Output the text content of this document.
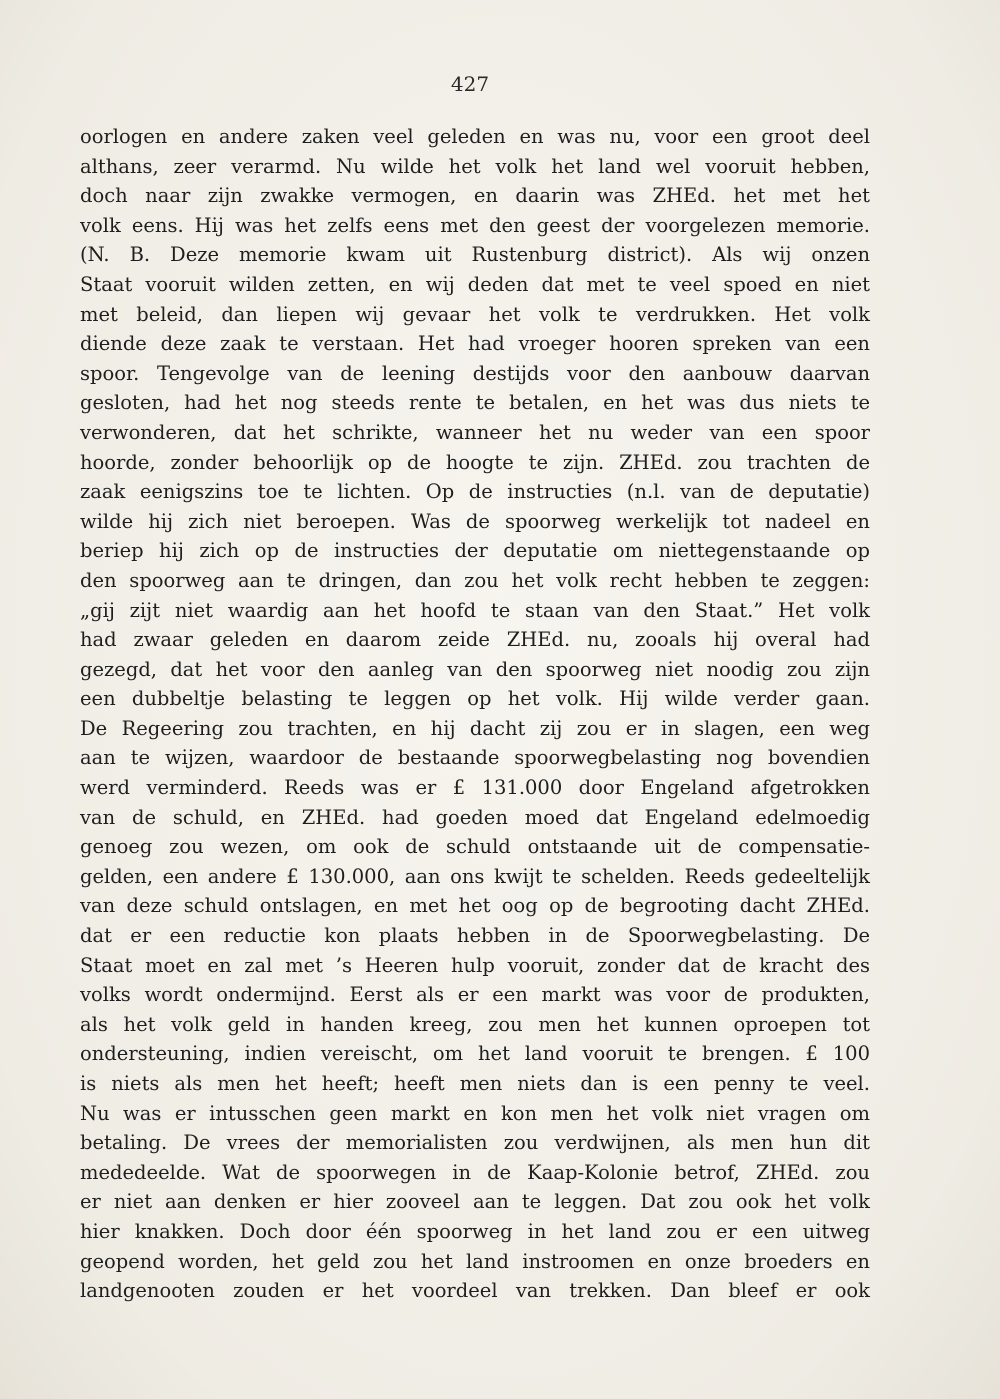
427
oorlogen en andere zaken veel geleden en was nu, voor een groot deel
althans, zeer verarmd. Nu wilde het volk het land wel vooruit hebben,
doch naar zijn zwakke vermogen, en daarin was ZHEd. het met het
volk eens. Hij was het zelfs eens met den geest der voorgelezen memorie.
(N. B. Deze memorie kwam uit Rustenburg district). Als wij onzen
Staat vooruit wilden zetten, en wij deden dat met te veel spoed en niet
met beleid, dan liepen wij gevaar het volk te verdrukken. Het volk
diende deze zaak te verstaan. Het had vroeger hooren spreken van een
spoor. Tengevolge van de leening destijds voor den aanbouw daarvan
gesloten, had het nog steeds rente te betalen, en het was dus niets te
verwonderen, dat het schrikte, wanneer het nu weder van een spoor
hoorde, zonder behoorlijk op de hoogte te zijn. ZHEd. zou trachten de
zaak eenigszins toe te lichten. Op de instructies (n.l. van de deputatie)
wilde hij zich niet beroepen. Was de spoorweg werkelijk tot nadeel en
beriep hij zich op de instructies der deputatie om niettegenstaande op
den spoorweg aan te dringen, dan zou het volk recht hebben te zeggen:
„gij zijt niet waardig aan het hoofd te staan van den Staat.” Het volk
had zwaar geleden en daarom zeide ZHEd. nu, zooals hij overal had
gezegd, dat het voor den aanleg van den spoorweg niet noodig zou zijn
een dubbeltje belasting te leggen op het volk. Hij wilde verder gaan.
De Regeering zou trachten, en hij dacht zij zou er in slagen, een weg
aan te wijzen, waardoor de bestaande spoorwegbelasting nog bovendien
werd verminderd. Reeds was er £ 131.000 door Engeland afgetrokken
van de schuld, en ZHEd. had goeden moed dat Engeland edelmoedig
genoeg zou wezen, om ook de schuld ontstaande uit de compensatie-
gelden, een andere £ 130.000, aan ons kwijt te schelden. Reeds gedeeltelijk
van deze schuld ontslagen, en met het oog op de begrooting dacht ZHEd.
dat er een reductie kon plaats hebben in de Spoorwegbelasting. De
Staat moet en zal met ’s Heeren hulp vooruit, zonder dat de kracht des
volks wordt ondermijnd. Eerst als er een markt was voor de produkten,
als het volk geld in handen kreeg, zou men het kunnen oproepen tot
ondersteuning, indien vereischt, om het land vooruit te brengen. £ 100
is niets als men het heeft; heeft men niets dan is een penny te veel.
Nu was er intusschen geen markt en kon men het volk niet vragen om
betaling. De vrees der memorialisten zou verdwijnen, als men hun dit
mededeelde. Wat de spoorwegen in de Kaap-Kolonie betrof, ZHEd. zou
er niet aan denken er hier zooveel aan te leggen. Dat zou ook het volk
hier knakken. Doch door één spoorweg in het land zou er een uitweg
geopend worden, het geld zou het land instroomen en onze broeders en
landgenooten zouden er het voordeel van trekken. Dan bleef er ook
